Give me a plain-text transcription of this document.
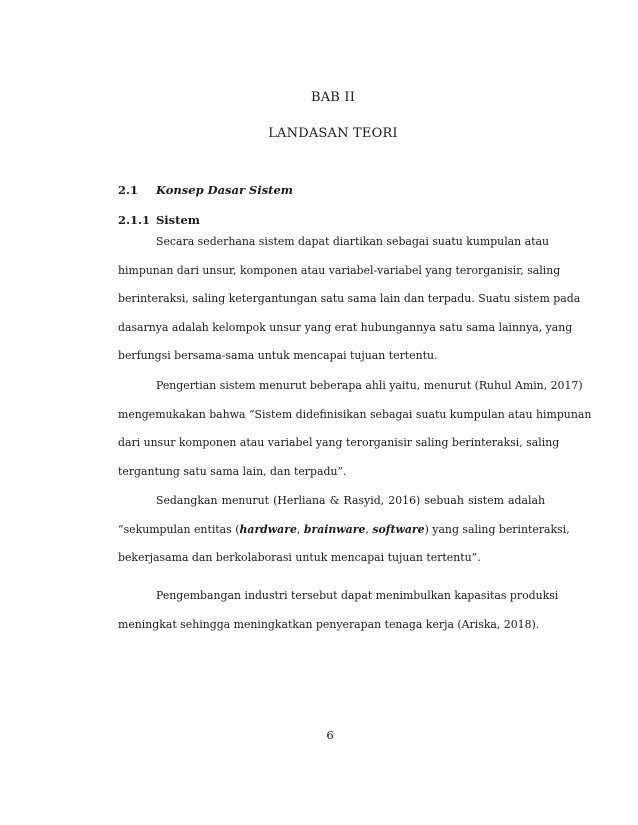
BAB II
LANDASAN TEORI
2.1 Konsep Dasar Sistem
2.1.1 Sistem
Secara sederhana sistem dapat diartikan sebagai suatu kumpulan atau
himpunan dari unsur, komponen atau variabel-variabel yang terorganisir, saling
berinteraksi, saling ketergantungan satu sama lain dan terpadu. Suatu sistem pada
dasarnya adalah kelompok unsur yang erat hubungannya satu sama lainnya, yang
berfungsi bersama-sama untuk mencapai tujuan tertentu.
Pengertian sistem menurut beberapa ahli yaitu, menurut (Ruhul Amin, 2017)
mengemukakan bahwa “Sistem didefinisikan sebagai suatu kumpulan atau himpunan
dari unsur komponen atau variabel yang terorganisir saling berinteraksi, saling
tergantung satu sama lain, dan terpadu”.
Sedangkan menurut (Herliana & Rasyid, 2016) sebuah sistem adalah
“sekumpulan entitas (hardware, brainware, software) yang saling berinteraksi,
bekerjasama dan berkolaborasi untuk mencapai tujuan tertentu”.
Pengembangan industri tersebut dapat menimbulkan kapasitas produksi
meningkat sehingga meningkatkan penyerapan tenaga kerja (Ariska, 2018).
6
